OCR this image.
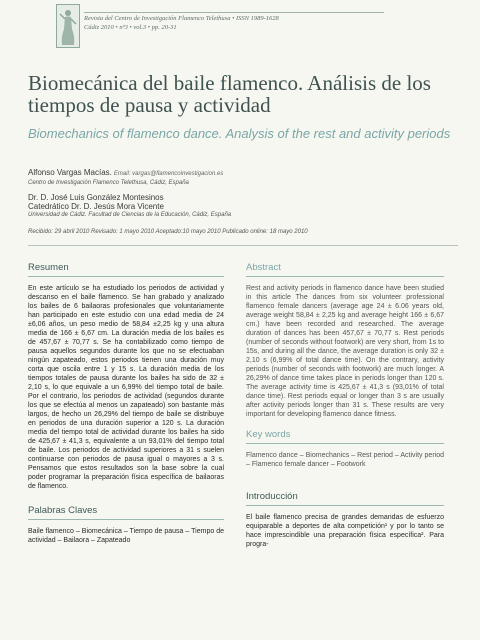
Revista del Centro de Investigación Flamenco Telethusa • ISSN 1989-1628
Cádiz 2010 • nº3 • vol.3 • pp. 20-31
Biomecánica del baile flamenco. Análisis de los tiempos de pausa y actividad
Biomechanics of flamenco dance. Analysis of the rest and activity periods
Alfonso Vargas Macías. Email: vargas@flamencoinvestigacion.es
Centro de Investigación Flamenco Telethusa, Cádiz, España
Dr. D. José Luis González Montesinos
Catedrático Dr. D. Jesús Mora Vicente
Universidad de Cádiz. Facultad de Ciencias de la Educación, Cádiz, España
Recibido: 29 abril 2010 Revisado: 1 mayo 2010 Aceptado:10 mayo 2010 Publicado online: 18 mayo 2010
Resumen
En este artículo se ha estudiado los periodos de actividad y descanso en el baile flamenco. Se han grabado y analizado los bailes de 6 bailaoras profesionales que voluntariamente han participado en este estudio con una edad media de 24 ±6,06 años, un peso medio de 58,84 ±2,25 kg y una altura media de 166 ± 6,67 cm. La duración media de los bailes es de 457,67 ± 70,77 s. Se ha contabilizado como tiempo de pausa aquellos segundos durante los que no se efectuaban ningún zapateado, estos periodos tienen una duración muy corta que oscila entre 1 y 15 s. La duración media de los tiempos totales de pausa durante los bailes ha sido de 32 ± 2,10 s, lo que equivale a un 6,99% del tiempo total de baile. Por el contrario, los periodos de actividad (segundos durante los que se efectúa al menos un zapateado) son bastante más largos, de hecho un 26,29% del tiempo de baile se distribuye en periodos de una duración superior a 120 s. La duración media del tiempo total de actividad durante los bailes ha sido de 425,67 ± 41,3 s, equivalente a un 93,01% del tiempo total de baile. Los periodos de actividad superiores a 31 s suelen continuarse con periodos de pausa igual o mayores a 3 s. Pensamos que estos resultados son la base sobre la cual poder programar la preparación física específica de bailaoras de flamenco.
Palabras Claves
Baile flamenco – Biomecánica – Tiempo de pausa – Tiempo de actividad – Bailaora – Zapateado
Abstract
Rest and activity periods in flamenco dance have been studied in this article The dances from six volunteer professional flamenco female dancers (average age 24 ± 6.06 years old, average weight 58,84 ± 2,25 kg and average height 166 ± 6,67 cm.) have been recorded and researched. The average duration of dances has been 457,67 ± 70,77 s. Rest periods (number of seconds without footwork) are very short, from 1s to 15s, and during all the dance, the average duration is only 32 ± 2,10 s (6,99% of total dance time). On the contrary, activity periods (number of seconds with footwork) are much longer. A 26,29% of dance time takes place in periods longer than 120 s. The average activity time is 425,67 ± 41,3 s (93,01% of total dance time). Rest periods equal or longer than 3 s are usually after activity periods longer than 31 s. These results are very important for developing flamenco dance fitness.
Key words
Flamenco dance – Biomechanics – Rest period – Activity period – Flamenco female dancer – Footwork
Introducción
El baile flamenco precisa de grandes demandas de esfuerzo equiparable a deportes de alta competición¹ y por lo tanto se hace imprescindible una preparación física específica². Para progra-
